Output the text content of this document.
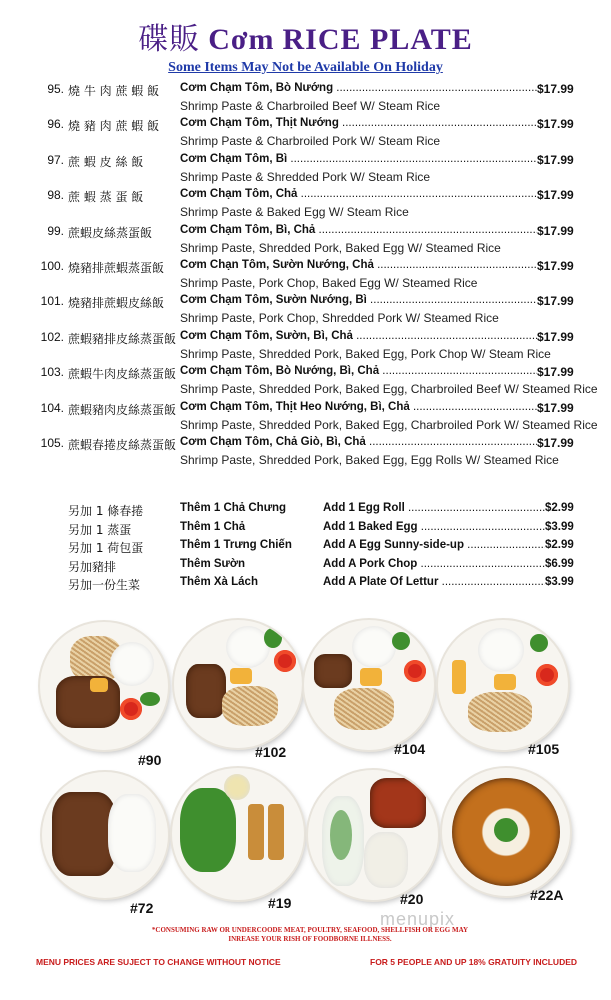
碟販 Cơm RICE PLATE
Some Items May Not be Available On Holiday
95. 燒 牛 肉 蔗 蝦 飯	Cơm Chạm Tôm, Bò Nướng .....	$17.99
Shrimp Paste & Charbroiled Beef W/ Steam Rice
96. 燒 豬 肉 蔗 蝦 飯	Cơm Chạm Tôm, Thịt Nướng .....	$17.99
Shrimp Paste & Charbroiled Pork W/ Steam Rice
97. 蔗 蝦 皮 絲 飯	Cơm Chạm Tôm, Bì .....	$17.99
Shrimp Paste & Shredded Pork W/ Steam Rice
98. 蔗 蝦 蒸 蛋 飯	Cơm Chạm Tôm, Chả .....	$17.99
Shrimp Paste & Baked Egg W/ Steam Rice
99. 蔗蝦皮絲蒸蛋飯	Cơm Chạm Tôm, Bì, Chả .....	$17.99
Shrimp Paste, Shredded Pork, Baked Egg W/ Steamed Rice
100. 燒豬排蔗蝦蒸蛋飯	Cơm Chạn Tôm, Sườn Nướng, Chả .....	$17.99
Shrimp Paste, Pork Chop, Baked Egg W/ Steamed Rice
101. 燒豬排蔗蝦皮絲飯	Cơm Chạm Tôm, Sườn Nướng, Bì .....	$17.99
Shrimp Paste, Pork Chop, Shredded Pork W/ Steamed Rice
102. 蔗蝦豬排皮絲蒸蛋飯 Cơm Chạm Tôm, Sườn, Bì, Chả .....	$17.99
Shrimp Paste, Shredded Pork, Baked Egg, Pork Chop W/ Steam Rice
103. 蔗蝦牛肉皮絲蒸蛋飯 Cơm Chạm Tôm, Bò Nướng, Bì, Chả .....	$17.99
Shrimp Paste, Shredded Pork, Baked Egg, Charbroiled Beef W/ Steamed Rice
104. 蔗蝦豬肉皮絲蒸蛋飯 Cơm Chạm Tôm, Thịt Heo Nướng, Bì, Chả .....	$17.99
Shrimp Paste, Shredded Pork, Baked Egg, Charbroiled Pork W/ Steamed Rice
105. 蔗蝦春捲皮絲蒸蛋飯 Cơm Chạm Tôm, Chả Giò, Bì, Chả .....	$17.99
Shrimp Paste, Shredded Pork, Baked Egg, Egg Rolls W/ Steamed Rice
另加 1 條春捲	Thêm 1 Chả Chưng	Add 1 Egg Roll .....	$2.99
另加 1 蒸蛋	Thêm 1 Chả	Add 1 Baked Egg .....	$3.99
另加 1 荷包蛋	Thêm 1 Trưng Chiến	Add A Egg Sunny-side-up .....	$2.99
另加豬排	Thêm Sườn	Add A Pork Chop .....	$6.99
另加一份生菜	Thêm Xà Lách	Add A Plate Of Lettur .....	$3.99
#90	#102	#104	#105
#72	#19	#20	#22A
menupix
*CONSUMING RAW OR UNDERCOODE MEAT, POULTRY, SEAFOOD, SHELLFISH OR EGG MAY INREASE YOUR RISH OF FOODBORNE ILLNESS.
MENU PRICES ARE SUJECT TO CHANGE WITHOUT NOTICE	FOR 5 PEOPLE AND UP 18% GRATUITY INCLUDED
